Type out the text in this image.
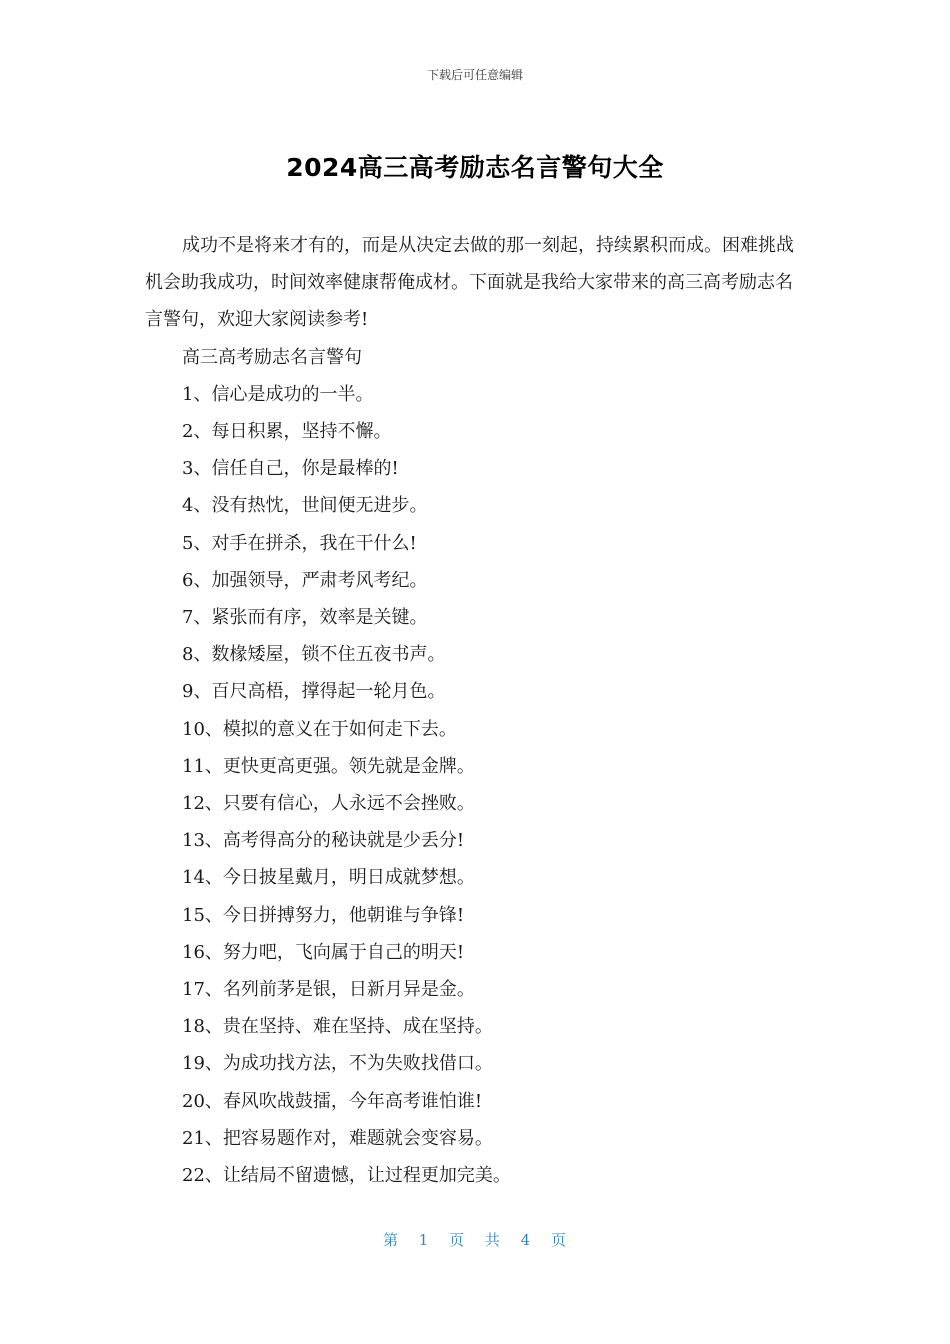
下载后可任意编辑
2024高三高考励志名言警句大全

成功不是将来才有的，而是从决定去做的那一刻起，持续累积而成。困难挑战机会助我成功，时间效率健康帮俺成材。下面就是我给大家带来的高三高考励志名言警句，欢迎大家阅读参考!

高三高考励志名言警句

1、信心是成功的一半。
2、每日积累，坚持不懈。
3、信任自己，你是最棒的!
4、没有热忱，世间便无进步。
5、对手在拼杀，我在干什么!
6、加强领导，严肃考风考纪。
7、紧张而有序，效率是关键。
8、数椽矮屋，锁不住五夜书声。
9、百尺高梧，撑得起一轮月色。
10、模拟的意义在于如何走下去。
11、更快更高更强。领先就是金牌。
12、只要有信心，人永远不会挫败。
13、高考得高分的秘诀就是少丢分!
14、今日披星戴月，明日成就梦想。
15、今日拼搏努力，他朝谁与争锋!
16、努力吧，飞向属于自己的明天!
17、名列前茅是银，日新月异是金。
18、贵在坚持、难在坚持、成在坚持。
19、为成功找方法，不为失败找借口。
20、春风吹战鼓擂，今年高考谁怕谁!
21、把容易题作对，难题就会变容易。
22、让结局不留遗憾，让过程更加完美。
第 1 页 共 4 页
